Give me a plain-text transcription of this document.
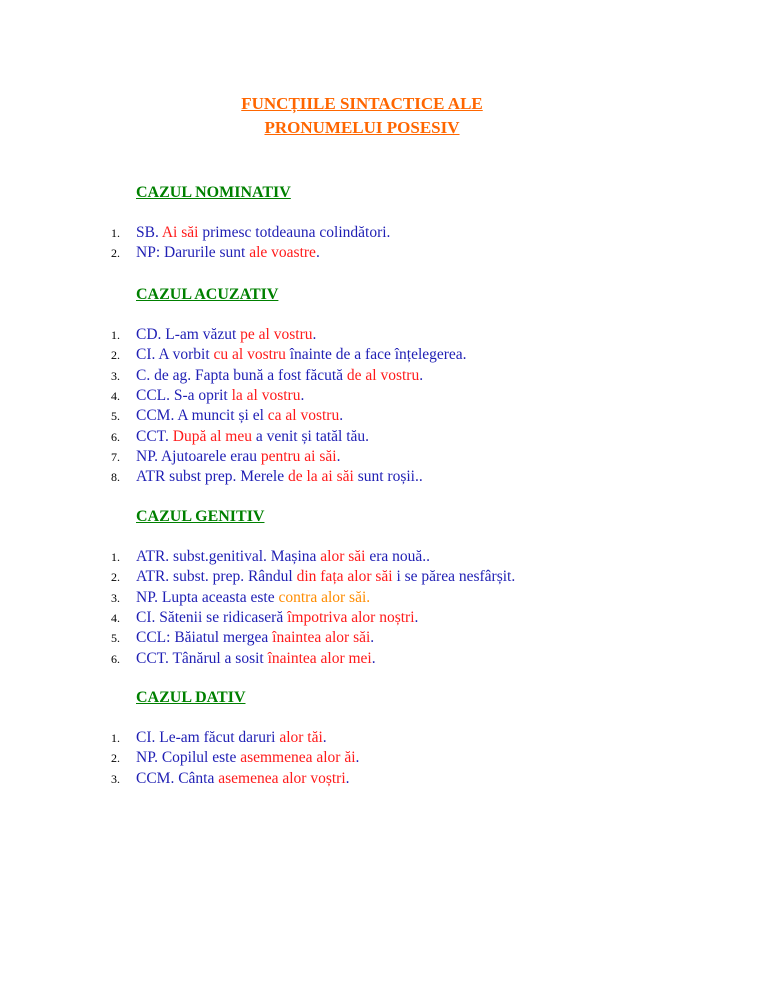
FUNCȚIILE SINTACTICE ALE
PRONUMELUI POSESIV
CAZUL NOMINATIV
1.	SB. Ai săi primesc totdeauna colindători.
2.	NP: Darurile sunt ale voastre.
CAZUL ACUZATIV
1.	CD. L-am văzut pe al vostru.
2.	CI. A vorbit cu al vostru înainte de a face înțelegerea.
3.	C. de ag. Fapta bună a fost făcută de al vostru.
4.	CCL. S-a oprit la al vostru.
5.	CCM. A muncit și el ca al vostru.
6.	CCT. După al meu a venit și tatăl tău.
7.	NP. Ajutoarele erau pentru ai săi.
8.	ATR subst prep. Merele de la ai săi sunt roșii..
CAZUL GENITIV
1.	ATR. subst.genitival. Mașina alor săi era nouă..
2.	ATR. subst. prep. Rândul din fața alor săi i se părea nesfârșit.
3.	NP. Lupta aceasta este contra alor săi.
4.	CI. Sătenii se ridicaseră împotriva alor noștri.
5.	CCL: Băiatul mergea înaintea alor săi.
6.	CCT. Tânărul a sosit înaintea alor mei.
CAZUL DATIV
1.	CI. Le-am făcut daruri alor tăi.
2.	NP. Copilul este asemmenea alor ăi.
3.	CCM. Cânta asemenea alor voștri.
